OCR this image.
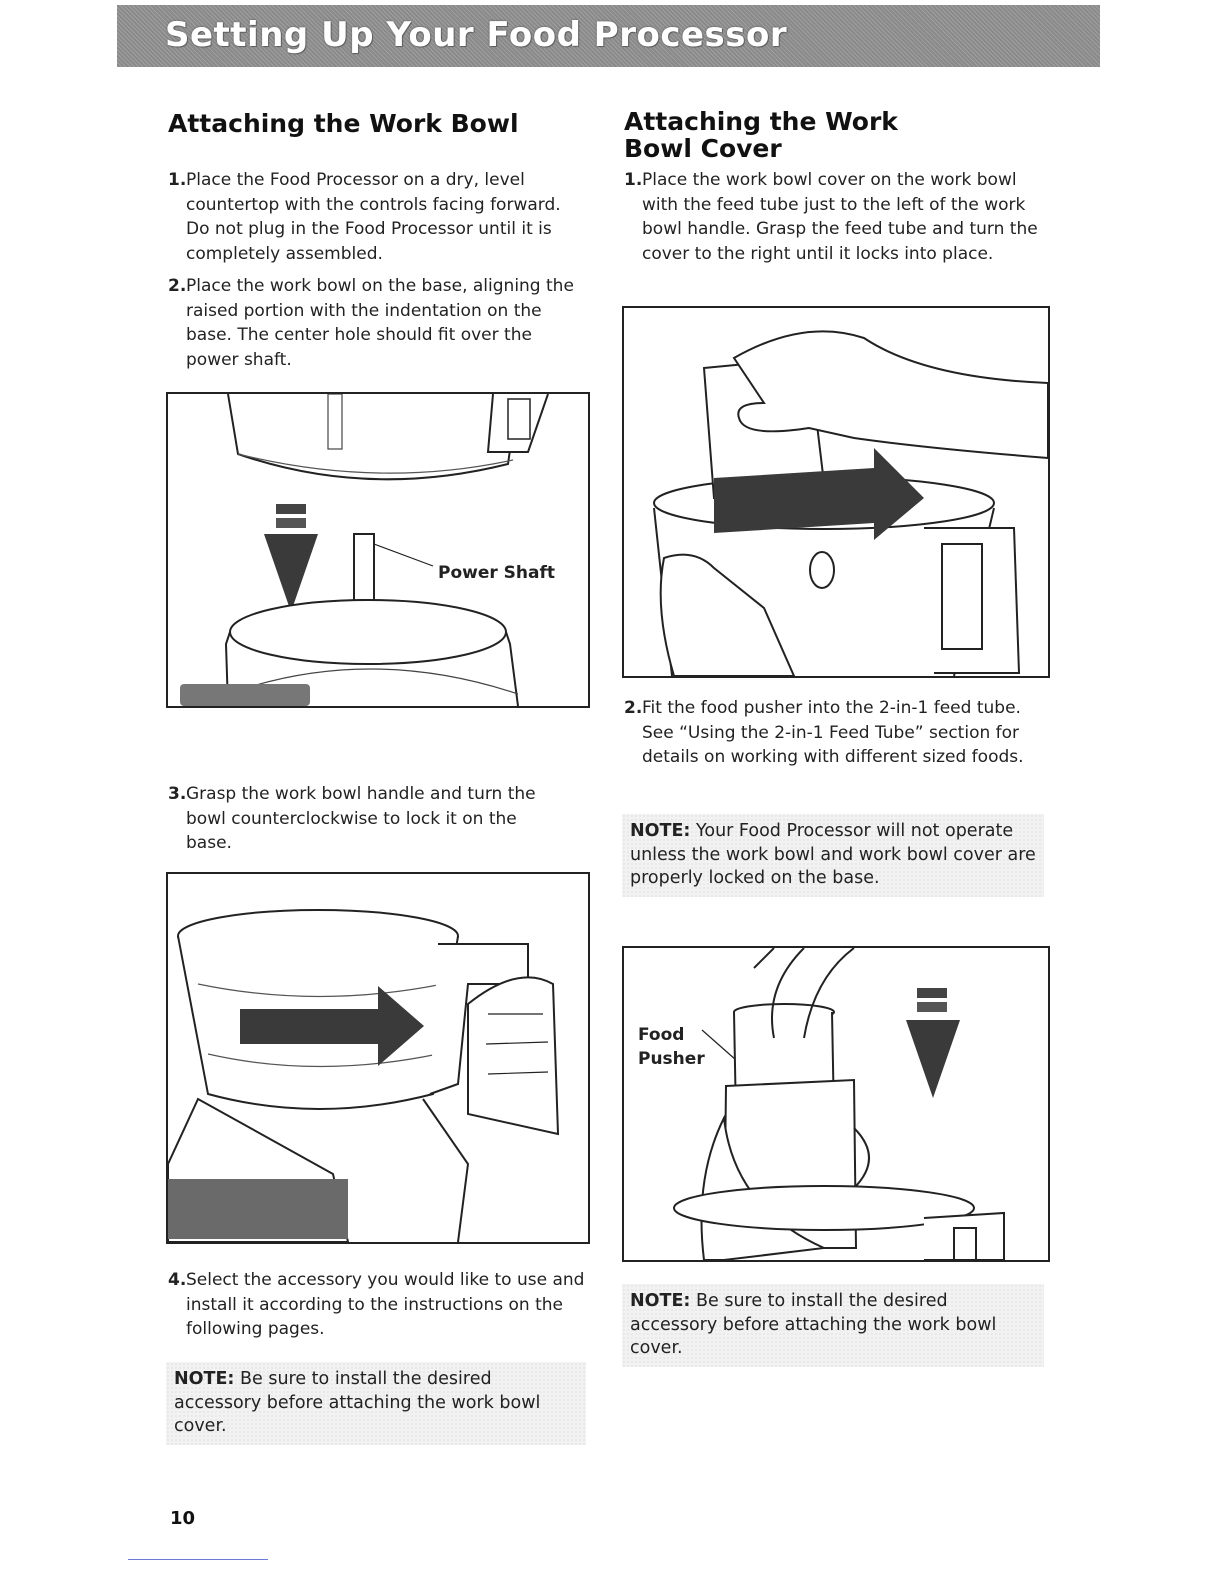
Setting Up Your Food Processor
Attaching the Work Bowl
1. Place the Food Processor on a dry, level countertop with the controls facing forward. Do not plug in the Food Processor until it is completely assembled.
2. Place the work bowl on the base, aligning the raised portion with the indentation on the base. The center hole should fit over the power shaft.
Power Shaft
3. Grasp the work bowl handle and turn the bowl counterclockwise to lock it on the base.
4. Select the accessory you would like to use and install it according to the instructions on the following pages.
NOTE: Be sure to install the desired accessory before attaching the work bowl cover.
Attaching the Work
Bowl Cover
1. Place the work bowl cover on the work bowl with the feed tube just to the left of the work bowl handle. Grasp the feed tube and turn the cover to the right until it locks into place.
2. Fit the food pusher into the 2-in-1 feed tube. See “Using the 2-in-1 Feed Tube” section for details on working with different sized foods.
NOTE: Your Food Processor will not operate unless the work bowl and work bowl cover are properly locked on the base.
Food
Pusher
NOTE: Be sure to install the desired accessory before attaching the work bowl cover.
10
